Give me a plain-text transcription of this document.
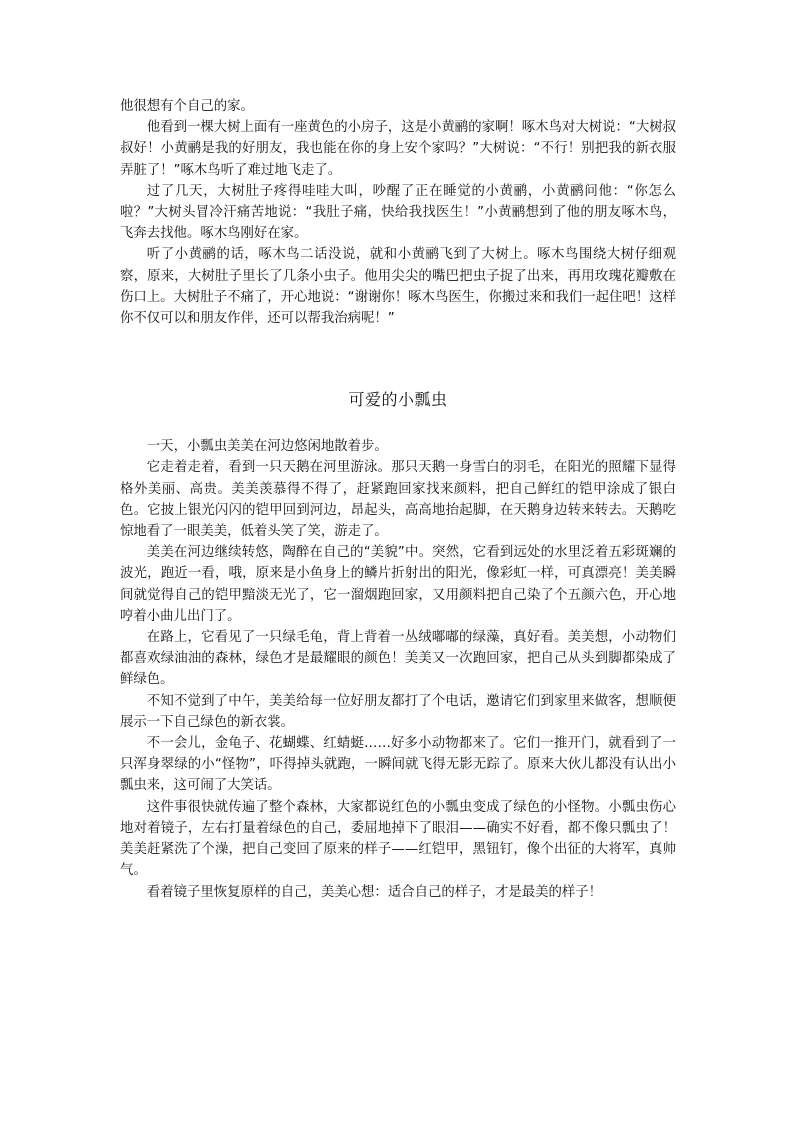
他很想有个自己的家。

他看到一棵大树上面有一座黄色的小房子，这是小黄鹂的家啊！啄木鸟对大树说：“大树叔叔好！小黄鹂是我的好朋友，我也能在你的身上安个家吗？”大树说：“不行！别把我的新衣服弄脏了！”啄木鸟听了难过地飞走了。

过了几天，大树肚子疼得哇哇大叫，吵醒了正在睡觉的小黄鹂，小黄鹂问他：“你怎么啦？”大树头冒冷汗痛苦地说：“我肚子痛，快给我找医生！”小黄鹂想到了他的朋友啄木鸟，飞奔去找他。啄木鸟刚好在家。

听了小黄鹂的话，啄木鸟二话没说，就和小黄鹂飞到了大树上。啄木鸟围绕大树仔细观察，原来，大树肚子里长了几条小虫子。他用尖尖的嘴巴把虫子捉了出来，再用玫瑰花瓣敷在伤口上。大树肚子不痛了，开心地说：“谢谢你！啄木鸟医生，你搬过来和我们一起住吧！这样你不仅可以和朋友作伴，还可以帮我治病呢！”

可爱的小瓢虫

一天，小瓢虫美美在河边悠闲地散着步。

它走着走着，看到一只天鹅在河里游泳。那只天鹅一身雪白的羽毛，在阳光的照耀下显得格外美丽、高贵。美美羡慕得不得了，赶紧跑回家找来颜料，把自己鲜红的铠甲涂成了银白色。它披上银光闪闪的铠甲回到河边，昂起头，高高地抬起脚，在天鹅身边转来转去。天鹅吃惊地看了一眼美美，低着头笑了笑，游走了。

美美在河边继续转悠，陶醉在自己的“美貌”中。突然，它看到远处的水里泛着五彩斑斓的波光，跑近一看，哦，原来是小鱼身上的鳞片折射出的阳光，像彩虹一样，可真漂亮！美美瞬间就觉得自己的铠甲黯淡无光了，它一溜烟跑回家，又用颜料把自己染了个五颜六色，开心地哼着小曲儿出门了。

在路上，它看见了一只绿毛龟，背上背着一丛绒嘟嘟的绿藻，真好看。美美想，小动物们都喜欢绿油油的森林，绿色才是最耀眼的颜色！美美又一次跑回家，把自己从头到脚都染成了鲜绿色。

不知不觉到了中午，美美给每一位好朋友都打了个电话，邀请它们到家里来做客，想顺便展示一下自己绿色的新衣裳。

不一会儿，金龟子、花蝴蝶、红蜻蜓……好多小动物都来了。它们一推开门，就看到了一只浑身翠绿的小“怪物”，吓得掉头就跑，一瞬间就飞得无影无踪了。原来大伙儿都没有认出小瓢虫来，这可闹了大笑话。

这件事很快就传遍了整个森林，大家都说红色的小瓢虫变成了绿色的小怪物。小瓢虫伤心地对着镜子，左右打量着绿色的自己，委屈地掉下了眼泪——确实不好看，都不像只瓢虫了！美美赶紧洗了个澡，把自己变回了原来的样子——红铠甲，黑钮钉，像个出征的大将军，真帅气。

看着镜子里恢复原样的自己，美美心想：适合自己的样子，才是最美的样子！
